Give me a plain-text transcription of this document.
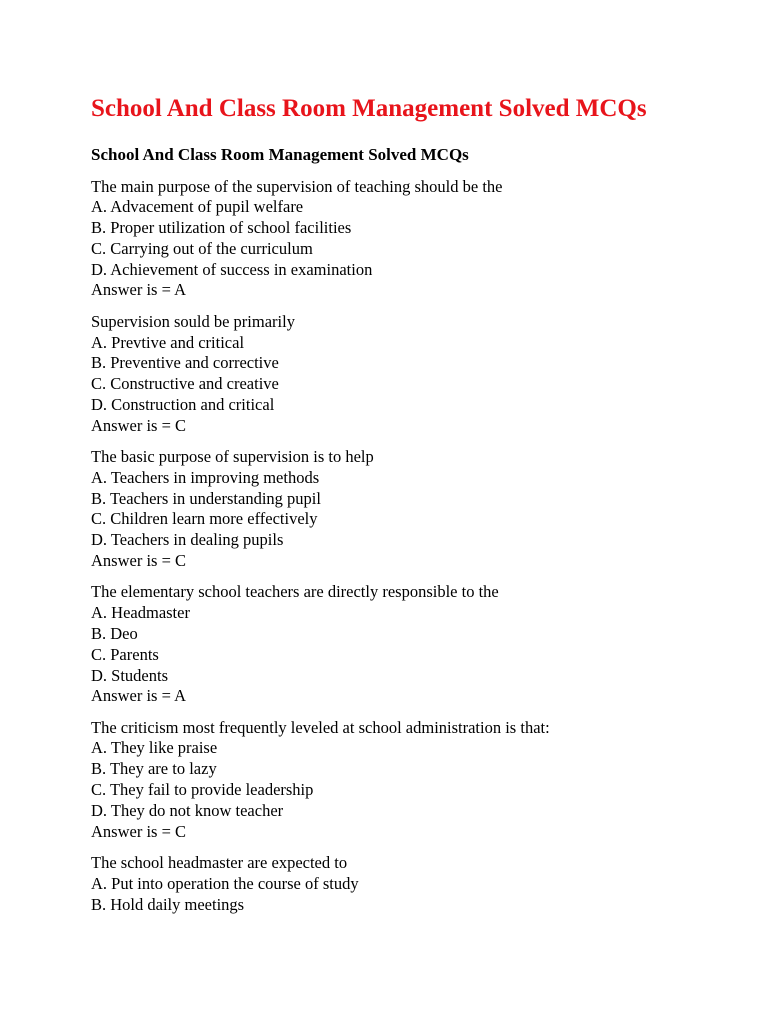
School And Class Room Management Solved MCQs
School And Class Room Management Solved MCQs

The main purpose of the supervision of teaching should be the

A. Advacement of pupil welfare

B. Proper utilization of school facilities

C. Carrying out of the curriculum

D. Achievement of success in examination

Answer is = A

Supervision sould be primarily

A. Prevtive and critical

B. Preventive and corrective

C. Constructive and creative

D. Construction and critical

Answer is = C

The basic purpose of supervision is to help

A. Teachers in improving methods

B. Teachers in understanding pupil

C. Children learn more effectively

D. Teachers in dealing pupils

Answer is = C

The elementary school teachers are directly responsible to the

A. Headmaster

B. Deo

C. Parents

D. Students

Answer is = A

The criticism most frequently leveled at school administration is that:

A. They like praise

B. They are to lazy

C. They fail to provide leadership

D. They do not know teacher

Answer is = C

The school headmaster are expected to

A. Put into operation the course of study

B. Hold daily meetings
